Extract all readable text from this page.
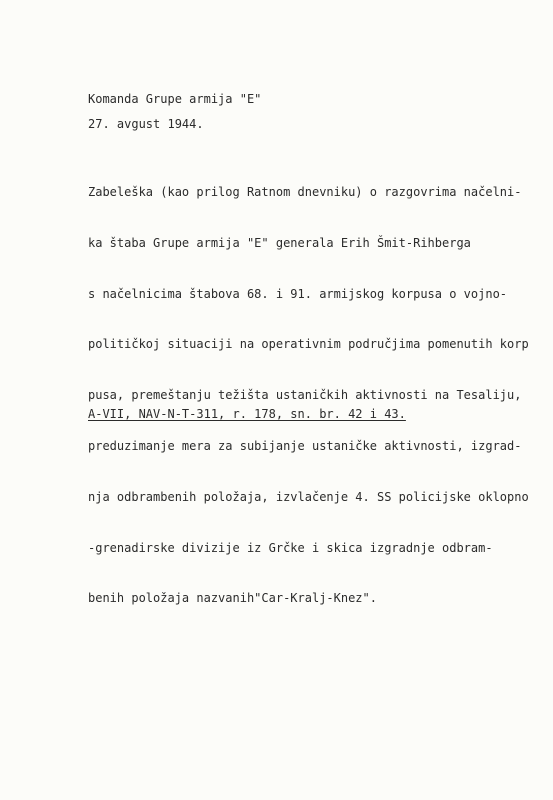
Komanda Grupe armija "E"
27. avgust 1944.

Zabeleška (kao prilog Ratnom dnevniku) o razgovrima načelni-

ka štaba Grupe armija "E" generala Erih Šmit-Rihberga

s načelnicima štabova 68. i 91. armijskog korpusa o vojno-

političkoj situaciji na operativnim područjima pomenutih korp

pusa, premeštanju težišta ustaničkih aktivnosti na Tesaliju,

preduzimanje mera za subijanje ustaničke aktivnosti, izgrad-

nja odbrambenih položaja, izvlačenje 4. SS policijske oklopno

-grenadirske divizije iz Grčke i skica izgradnje odbram-

benih položaja nazvanih"Car-Kralj-Knez".

A-VII, NAV-N-T-311, r. 178, sn. br. 42 i 43.
